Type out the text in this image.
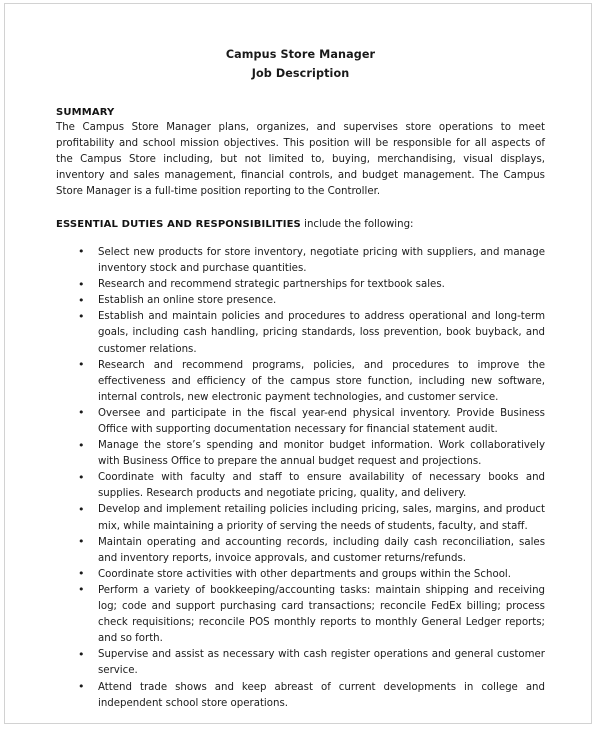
Campus Store Manager
Job Description
SUMMARY
The Campus Store Manager plans, organizes, and supervises store operations to meet profitability and school mission objectives. This position will be responsible for all aspects of the Campus Store including, but not limited to, buying, merchandising, visual displays, inventory and sales management, financial controls, and budget management. The Campus Store Manager is a full-time position reporting to the Controller.
ESSENTIAL DUTIES AND RESPONSIBILITIES include the following:
• Select new products for store inventory, negotiate pricing with suppliers, and manage inventory stock and purchase quantities.
• Research and recommend strategic partnerships for textbook sales.
• Establish an online store presence.
• Establish and maintain policies and procedures to address operational and long-term goals, including cash handling, pricing standards, loss prevention, book buyback, and customer relations.
• Research and recommend programs, policies, and procedures to improve the effectiveness and efficiency of the campus store function, including new software, internal controls, new electronic payment technologies, and customer service.
• Oversee and participate in the fiscal year-end physical inventory. Provide Business Office with supporting documentation necessary for financial statement audit.
• Manage the store’s spending and monitor budget information. Work collaboratively with Business Office to prepare the annual budget request and projections.
• Coordinate with faculty and staff to ensure availability of necessary books and supplies. Research products and negotiate pricing, quality, and delivery.
• Develop and implement retailing policies including pricing, sales, margins, and product mix, while maintaining a priority of serving the needs of students, faculty, and staff.
• Maintain operating and accounting records, including daily cash reconciliation, sales and inventory reports, invoice approvals, and customer returns/refunds.
• Coordinate store activities with other departments and groups within the School.
• Perform a variety of bookkeeping/accounting tasks: maintain shipping and receiving log; code and support purchasing card transactions; reconcile FedEx billing; process check requisitions; reconcile POS monthly reports to monthly General Ledger reports; and so forth.
• Supervise and assist as necessary with cash register operations and general customer service.
• Attend trade shows and keep abreast of current developments in college and independent school store operations.
